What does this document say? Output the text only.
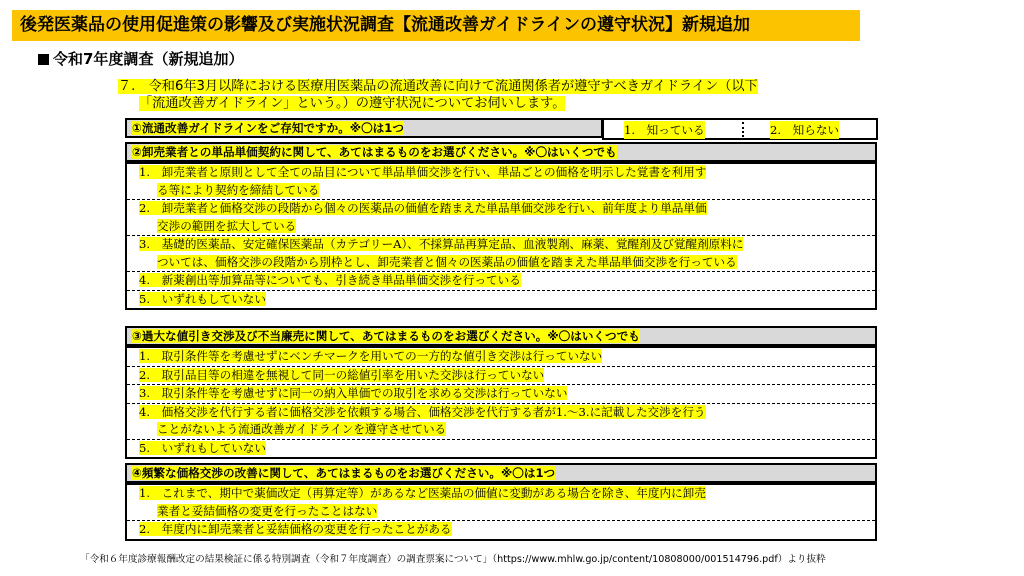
後発医薬品の使用促進策の影響及び実施状況調査【流通改善ガイドラインの遵守状況】新規追加
令和7年度調査（新規追加）
７.　令和6年3月以降における医療用医薬品の流通改善に向けて流通関係者が遵守すべきガイドライン（以下
「流通改善ガイドライン」という。）の遵守状況についてお伺いします。
①流通改善ガイドラインをご存知ですか。※〇は1つ	1.　知っている	2.　知らない
②卸売業者との単品単価契約に関して、あてはまるものをお選びください。※〇はいくつでも
1.　卸売業者と原則として全ての品目について単品単価交渉を行い、単品ごとの価格を明示した覚書を利用す
る等により契約を締結している
2.　卸売業者と価格交渉の段階から個々の医薬品の価値を踏まえた単品単価交渉を行い、前年度より単品単価
交渉の範囲を拡大している
3.　基礎的医薬品、安定確保医薬品（カテゴリーA）、不採算品再算定品、血液製剤、麻薬、覚醒剤及び覚醒剤原料に
ついては、価格交渉の段階から別枠とし、卸売業者と個々の医薬品の価値を踏まえた単品単価交渉を行っている
4.　新薬創出等加算品等についても、引き続き単品単価交渉を行っている
5.　いずれもしていない
③過大な値引き交渉及び不当廉売に関して、あてはまるものをお選びください。※〇はいくつでも
1.　取引条件等を考慮せずにベンチマークを用いての一方的な値引き交渉は行っていない
2.　取引品目等の相違を無視して同一の総値引率を用いた交渉は行っていない
3.　取引条件等を考慮せずに同一の納入単価での取引を求める交渉は行っていない
4.　価格交渉を代行する者に価格交渉を依頼する場合、価格交渉を代行する者が1.～3.に記載した交渉を行う
ことがないよう流通改善ガイドラインを遵守させている
5.　いずれもしていない
④頻繁な価格交渉の改善に関して、あてはまるものをお選びください。※〇は1つ
1.　これまで、期中で薬価改定（再算定等）があるなど医薬品の価値に変動がある場合を除き、年度内に卸売
業者と妥結価格の変更を行ったことはない
2.　年度内に卸売業者と妥結価格の変更を行ったことがある
「令和６年度診療報酬改定の結果検証に係る特別調査（令和７年度調査）の調査票案について」（https://www.mhlw.go.jp/content/10808000/001514796.pdf）より抜粋
